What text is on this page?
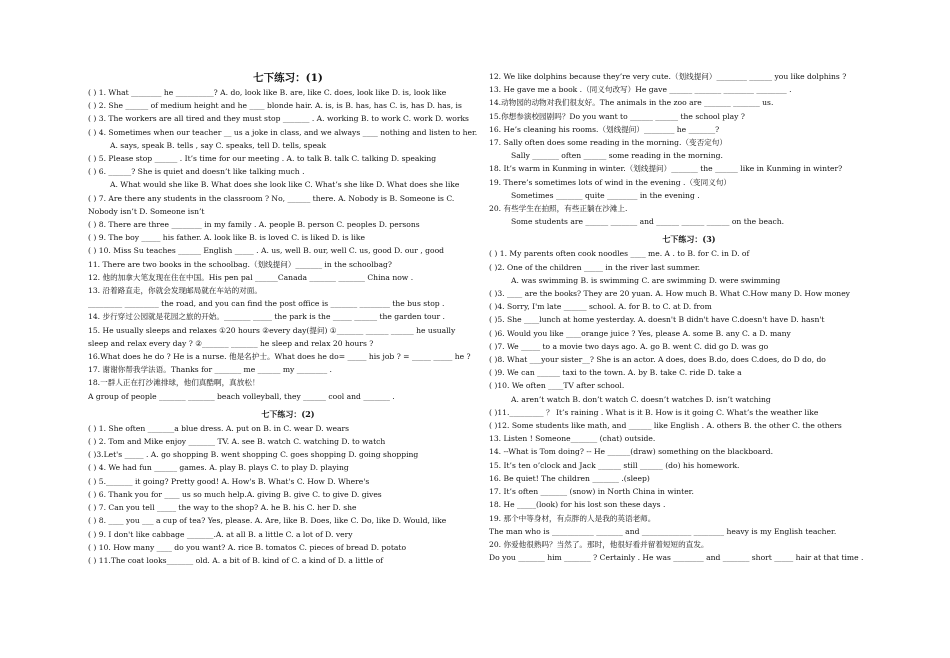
七下练习：(1)
( ) 1. What ________ he __________? A. do, look like B. are, like C. does, look like D. is, look like
( ) 2. She ______ of medium height and he ____ blonde hair. A. is, is B. has, has C. is, has D. has, is
( ) 3. The workers are all tired and they must stop _______ . A. working B. to work C. work D. works
( ) 4. Sometimes when our teacher __ us a joke in class, and we always ____ nothing and listen to her.
A. says, speak B. tells , say C. speaks, tell D. tells, speak
( ) 5. Please stop ______ . It’s time for our meeting . A. to talk B. talk C. talking D. speaking
( ) 6. ______? She is quiet and doesn’t like talking much .
A. What would she like B. What does she look like C. What’s she like D. What does she like
( ) 7. Are there any students in the classroom ? No, ______ there. A. Nobody is B. Someone is C.
Nobody isn’t D. Someone isn’t
( ) 8. There are three ________ in my family . A. people B. person C. peoples D. persons
( ) 9. The boy _____ his father. A. look like B. is loved C. is liked D. is like
( ) 10. Miss Su teaches ______ English _____ . A. us, well B. our, well C. us, good D. our , good
11. There are two books in the schoolbag.（划线提问）_______ in the schoolbag?
12. 他的加拿大笔友现在住在中国。His pen pal ______Canada _______ _______ China now .
13. 沿着路直走，你就会发现邮局就在车站的对面。
_________ _________ the road, and you can find the post office is _______ ________ the bus stop .
14. 步行穿过公园就是花园之旅的开始。_______ _____ the park is the _____ ______ the garden tour .
15. He usually sleeps and relaxes ①20 hours ②every day(提问) ①_______ ______ ______ he usually
sleep and relax every day ? ②_______ _______ he sleep and relax 20 hours ?
16.What does he do ? He is a nurse. 他是名护士。What does he do= _____ his job ? = _____ _____ he ?
17. 谢谢你帮我学法语。Thanks for _______ me ______ my ________ .
18.一群人正在打沙滩排球，他们真酷啊，真放松！
A group of people _______ _______ beach volleyball, they ______ cool and _______ .
七下练习：(2)
( ) 1. She often _______a blue dress. A. put on B. in C. wear D. wears
( ) 2. Tom and Mike enjoy _______ TV. A. see B. watch C. watching D. to watch
( )3.Let's _____ . A. go shopping B. went shopping C. goes shopping D. going shopping
( ) 4. We had fun ______ games. A. play B. plays C. to play D. playing
( ) 5._______ it going? Pretty good! A. How's B. What's C. How D. Where's
( ) 6. Thank you for ____ us so much help.A. giving B. give C. to give D. gives
( ) 7. Can you tell _____ the way to the shop? A. he B. his C. her D. she
( ) 8. ____ you ___ a cup of tea? Yes, please. A. Are, like B. Does, like C. Do, like D. Would, like
( ) 9. I don't like cabbage _______.A. at all B. a little C. a lot of D. very
( ) 10. How many ____ do you want? A. rice B. tomatos C. pieces of bread D. potato
( ) 11.The coat looks_______ old. A. a bit of B. kind of C. a kind of D. a little of
12. We like dolphins because they’re very cute.（划线提问）________ ______ you like dolphins ?
13. He gave me a book .（同义句改写）He gave ______ _______ ________ ________ .
14.动物园的动物对我们很友好。The animals in the zoo are _______ _______ us.
15.你想参演校园剧吗？Do you want to ______ ______ the school play ?
16. He’s cleaning his rooms.（划线提问）________ he _______?
17. Sally often does some reading in the morning.（变否定句）
Sally _______ often ______ some reading in the morning.
18. It’s warm in Kunming in winter.（划线提问）_______ the ______ like in Kunming in winter?
19. There’s sometimes lots of wind in the evening .（变同义句）
Sometimes _______ quite ________ in the evening .
20. 有些学生在拍照，有些正躺在沙滩上.
Some students are ______ _______ and ______ ______ ______ on the beach.
七下练习：(3)
( ) 1. My parents often cook noodles ____ me. A . to B. for C. in D. of
( )2. One of the children _____ in the river last summer.
A. was swimming B. is swimming C. are swimming D. were swimming
( )3. ____ are the books? They are 20 yuan. A. How much B. What C.How many D. How money
( )4. Sorry, I'm late ______ school. A. for B. to C. at D. from
( )5. She ____lunch at home yesterday. A. doesn't B didn't have C.doesn't have D. hasn't
( )6. Would you like ____orange juice ? Yes, please A. some B. any C. a D. many
( )7. We _____ to a movie two days ago. A. go B. went C. did go D. was go
( )8. What ___your sister__? She is an actor. A does, does B.do, does C.does, do D do, do
( )9. We can ______ taxi to the town. A. by B. take C. ride D. take a
( )10. We often ____TV after school.
A. aren’t watch B. don’t watch C. doesn’t watches D. isn’t watching
( )11._________ ？ It’s raining . What is it B. How is it going C. What’s the weather like
( )12. Some students like math, and ______ like English . A. others B. the other C. the others
13. Listen ! Someone_______ (chat) outside.
14. --What is Tom doing? -- He ______(draw) something on the blackboard.
15. It’s ten o’clock and Jack ______ still ______ (do) his homework.
16. Be quiet! The children _______ .(sleep)
17. It’s often _______ (snow) in North China in winter.
18. He _____(look) for his lost son these days .
19. 那个中等身材，有点胖的人是我的英语老师。
The man who is ___________ _______ and _____________ ________ heavy is my English teacher.
20. 你爱他很熟吗？当然了。那时，他很好看并留着短短的直发。
Do you _______ him _______ ? Certainly . He was ________ and _______ short _____ hair at that time .
